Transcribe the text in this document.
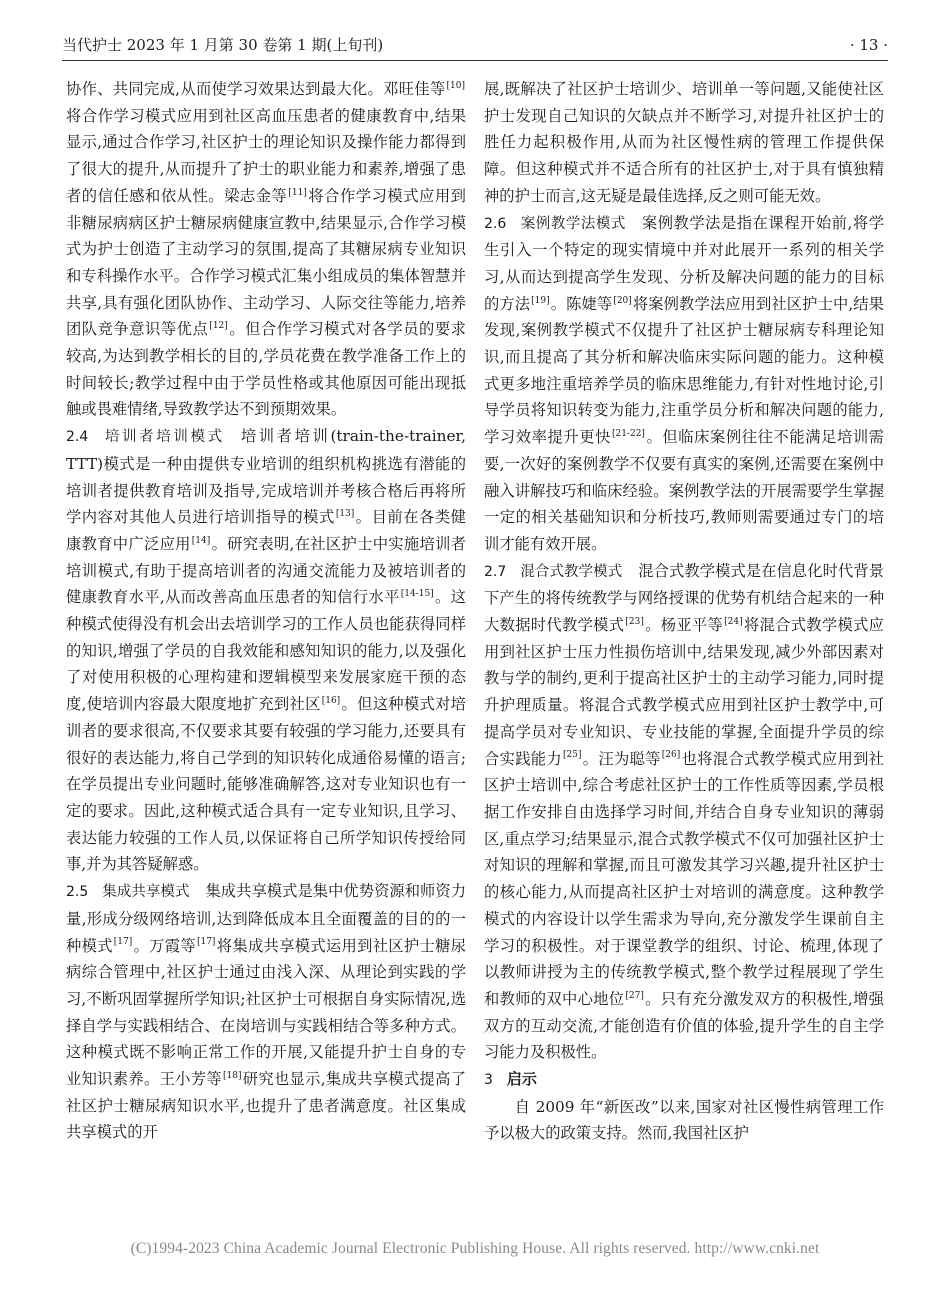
当代护士 2023 年 1 月第 30 卷第 1 期(上旬刊)	· 13 ·

协作、共同完成,从而使学习效果达到最大化。邓旺佳等[10]将合作学习模式应用到社区高血压患者的健康教育中,结果显示,通过合作学习,社区护士的理论知识及操作能力都得到了很大的提升,从而提升了护士的职业能力和素养,增强了患者的信任感和依从性。梁志金等[11]将合作学习模式应用到非糖尿病病区护士糖尿病健康宣教中,结果显示,合作学习模式为护士创造了主动学习的氛围,提高了其糖尿病专业知识和专科操作水平。合作学习模式汇集小组成员的集体智慧并共享,具有强化团队协作、主动学习、人际交往等能力,培养团队竞争意识等优点[12]。但合作学习模式对各学员的要求较高,为达到教学相长的目的,学员花费在教学准备工作上的时间较长;教学过程中由于学员性格或其他原因可能出现抵触或畏难情绪,导致教学达不到预期效果。

2.4 培训者培训模式 培训者培训(train-the-trainer, TTT)模式是一种由提供专业培训的组织机构挑选有潜能的培训者提供教育培训及指导,完成培训并考核合格后再将所学内容对其他人员进行培训指导的模式[13]。目前在各类健康教育中广泛应用[14]。研究表明,在社区护士中实施培训者培训模式,有助于提高培训者的沟通交流能力及被培训者的健康教育水平,从而改善高血压患者的知信行水平[14-15]。这种模式使得没有机会出去培训学习的工作人员也能获得同样的知识,增强了学员的自我效能和感知知识的能力,以及强化了对使用积极的心理构建和逻辑模型来发展家庭干预的态度,使培训内容最大限度地扩充到社区[16]。但这种模式对培训者的要求很高,不仅要求其要有较强的学习能力,还要具有很好的表达能力,将自己学到的知识转化成通俗易懂的语言;在学员提出专业问题时,能够准确解答,这对专业知识也有一定的要求。因此,这种模式适合具有一定专业知识,且学习、表达能力较强的工作人员,以保证将自己所学知识传授给同事,并为其答疑解惑。

2.5 集成共享模式 集成共享模式是集中优势资源和师资力量,形成分级网络培训,达到降低成本且全面覆盖的目的的一种模式[17]。万霞等[17]将集成共享模式运用到社区护士糖尿病综合管理中,社区护士通过由浅入深、从理论到实践的学习,不断巩固掌握所学知识;社区护士可根据自身实际情况,选择自学与实践相结合、在岗培训与实践相结合等多种方式。这种模式既不影响正常工作的开展,又能提升护士自身的专业知识素养。王小芳等[18]研究也显示,集成共享模式提高了社区护士糖尿病知识水平,也提升了患者满意度。社区集成共享模式的开

展,既解决了社区护士培训少、培训单一等问题,又能使社区护士发现自己知识的欠缺点并不断学习,对提升社区护士的胜任力起积极作用,从而为社区慢性病的管理工作提供保障。但这种模式并不适合所有的社区护士,对于具有慎独精神的护士而言,这无疑是最佳选择,反之则可能无效。

2.6 案例教学法模式 案例教学法是指在课程开始前,将学生引入一个特定的现实情境中并对此展开一系列的相关学习,从而达到提高学生发现、分析及解决问题的能力的目标的方法[19]。陈婕等[20]将案例教学法应用到社区护士中,结果发现,案例教学模式不仅提升了社区护士糖尿病专科理论知识,而且提高了其分析和解决临床实际问题的能力。这种模式更多地注重培养学员的临床思维能力,有针对性地讨论,引导学员将知识转变为能力,注重学员分析和解决问题的能力,学习效率提升更快[21-22]。但临床案例往往不能满足培训需要,一次好的案例教学不仅要有真实的案例,还需要在案例中融入讲解技巧和临床经验。案例教学法的开展需要学生掌握一定的相关基础知识和分析技巧,教师则需要通过专门的培训才能有效开展。

2.7 混合式教学模式 混合式教学模式是在信息化时代背景下产生的将传统教学与网络授课的优势有机结合起来的一种大数据时代教学模式[23]。杨亚平等[24]将混合式教学模式应用到社区护士压力性损伤培训中,结果发现,减少外部因素对教与学的制约,更利于提高社区护士的主动学习能力,同时提升护理质量。将混合式教学模式应用到社区护士教学中,可提高学员对专业知识、专业技能的掌握,全面提升学员的综合实践能力[25]。汪为聪等[26]也将混合式教学模式应用到社区护士培训中,综合考虑社区护士的工作性质等因素,学员根据工作安排自由选择学习时间,并结合自身专业知识的薄弱区,重点学习;结果显示,混合式教学模式不仅可加强社区护士对知识的理解和掌握,而且可激发其学习兴趣,提升社区护士的核心能力,从而提高社区护士对培训的满意度。这种教学模式的内容设计以学生需求为导向,充分激发学生课前自主学习的积极性。对于课堂教学的组织、讨论、梳理,体现了以教师讲授为主的传统教学模式,整个教学过程展现了学生和教师的双中心地位[27]。只有充分激发双方的积极性,增强双方的互动交流,才能创造有价值的体验,提升学生的自主学习能力及积极性。

3 启示

自 2009 年“新医改”以来,国家对社区慢性病管理工作予以极大的政策支持。然而,我国社区护

(C)1994-2023 China Academic Journal Electronic Publishing House. All rights reserved. http://www.cnki.net
